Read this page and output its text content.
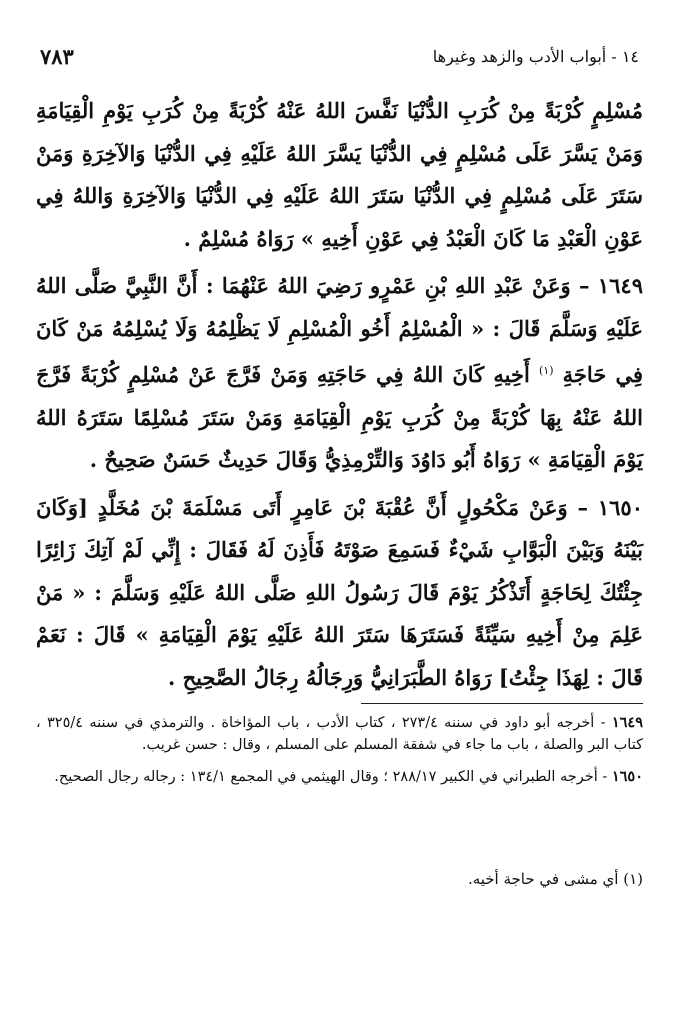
٧٨٣	١٤ - أبواب الأدب والزهد وغيرها

مُسْلِمٍ كُرْبَةً مِنْ كُرَبِ الدُّنْيَا نَفَّسَ اللهُ عَنْهُ كُرْبَةً مِنْ كُرَبِ يَوْمِ الْقِيَامَةِ وَمَنْ يَسَّرَ عَلَى مُسْلِمٍ فِي الدُّنْيَا يَسَّرَ اللهُ عَلَيْهِ فِي الدُّنْيَا وَالآخِرَةِ وَمَنْ سَتَرَ عَلَى مُسْلِمٍ فِي الدُّنْيَا سَتَرَ اللهُ عَلَيْهِ فِي الدُّنْيَا وَالآخِرَةِ وَاللهُ فِي عَوْنِ الْعَبْدِ مَا كَانَ الْعَبْدُ فِي عَوْنِ أَخِيهِ » رَوَاهُ مُسْلِمٌ .

١٦٤٩ – وَعَنْ عَبْدِ اللهِ بْنِ عَمْرٍو رَضِيَ اللهُ عَنْهُمَا : أَنَّ النَّبِيَّ صَلَّى اللهُ عَلَيْهِ وَسَلَّمَ قَالَ : « الْمُسْلِمُ أَخُو الْمُسْلِمِ لَا يَظْلِمُهُ وَلَا يُسْلِمُهُ مَنْ كَانَ فِي حَاجَةِ $^{(١)}$ أَخِيهِ كَانَ اللهُ فِي حَاجَتِهِ وَمَنْ فَرَّجَ عَنْ مُسْلِمٍ كُرْبَةً فَرَّجَ اللهُ عَنْهُ بِهَا كُرْبَةً مِنْ كُرَبِ يَوْمِ الْقِيَامَةِ وَمَنْ سَتَرَ مُسْلِمًا سَتَرَهُ اللهُ يَوْمَ الْقِيَامَةِ » رَوَاهُ أَبُو دَاوُدَ وَالتِّرْمِذِيُّ وَقَالَ حَدِيثٌ حَسَنٌ صَحِيحٌ .

١٦٥٠ – وَعَنْ مَكْحُولٍ أَنَّ عُقْبَةَ بْنَ عَامِرٍ أَتَى مَسْلَمَةَ بْنَ مُخَلَّدٍ [وَكَانَ بَيْنَهُ وَبَيْنَ الْبَوَّابِ شَيْءٌ فَسَمِعَ صَوْتَهُ فَأَذِنَ لَهُ فَقَالَ : إِنِّي لَمْ آتِكَ زَائِرًا جِئْتُكَ لِحَاجَةٍ أَتَذْكُرُ يَوْمَ قَالَ رَسُولُ اللهِ صَلَّى اللهُ عَلَيْهِ وَسَلَّمَ : « مَنْ عَلِمَ مِنْ أَخِيهِ سَيِّئَةً فَسَتَرَهَا سَتَرَ اللهُ عَلَيْهِ يَوْمَ الْقِيَامَةِ » قَالَ : نَعَمْ قَالَ : لِهَذَا جِئْتُ] رَوَاهُ الطَّبَرَانِيُّ وَرِجَالُهُ رِجَالُ الصَّحِيحِ .

١٦٤٩ - أخرجه أبو داود في سننه ٢٧٣/٤ ، كتاب الأدب ، باب المؤاخاة . والترمذي في سننه ٣٢٥/٤ ، كتاب البر والصلة ، باب ما جاء في شفقة المسلم على المسلم ، وقال : حسن غريب.

١٦٥٠ - أخرجه الطبراني في الكبير ٢٨٨/١٧ ؛ وقال الهيثمي في المجمع ١٣٤/١ : رجاله رجال الصحيح.

(١) أي مشى في حاجة أخيه.
